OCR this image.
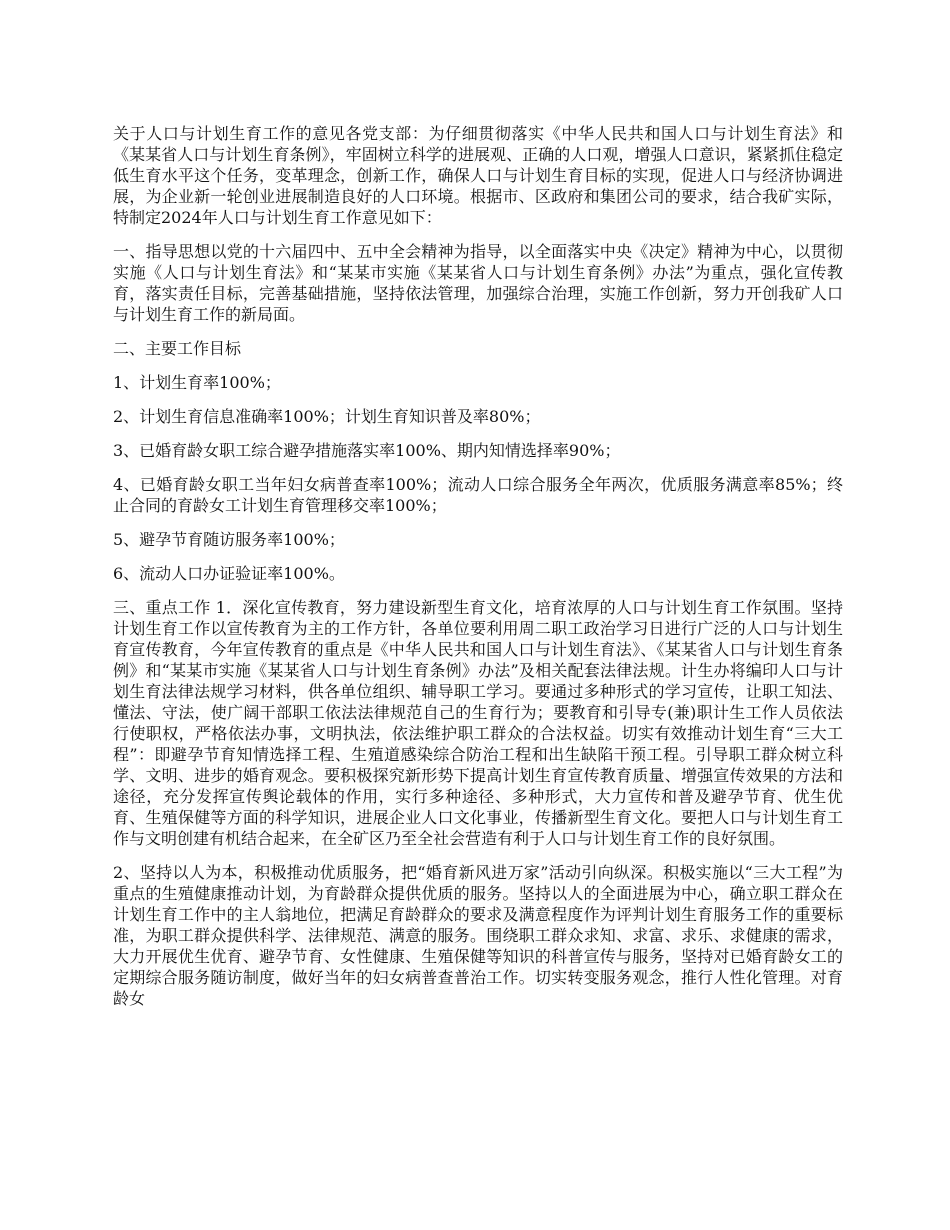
关于人口与计划生育工作的意见各党支部：为仔细贯彻落实《中华人民共和国人口与计划生育法》和《某某省人口与计划生育条例》，牢固树立科学的进展观、正确的人口观，增强人口意识，紧紧抓住稳定低生育水平这个任务，变革理念，创新工作，确保人口与计划生育目标的实现，促进人口与经济协调进展，为企业新一轮创业进展制造良好的人口环境。根据市、区政府和集团公司的要求，结合我矿实际，特制定2024年人口与计划生育工作意见如下：

一、指导思想以党的十六届四中、五中全会精神为指导，以全面落实中央《决定》精神为中心，以贯彻实施《人口与计划生育法》和“某某市实施《某某省人口与计划生育条例》办法”为重点，强化宣传教育，落实责任目标，完善基础措施，坚持依法管理，加强综合治理，实施工作创新，努力开创我矿人口与计划生育工作的新局面。

二、主要工作目标

1、计划生育率100%；

2、计划生育信息准确率100%；计划生育知识普及率80%；

3、已婚育龄女职工综合避孕措施落实率100%、期内知情选择率90%；

4、已婚育龄女职工当年妇女病普查率100%；流动人口综合服务全年两次，优质服务满意率85%；终止合同的育龄女工计划生育管理移交率100%；

5、避孕节育随访服务率100%；

6、流动人口办证验证率100%。

三、重点工作 1．深化宣传教育，努力建设新型生育文化，培育浓厚的人口与计划生育工作氛围。坚持计划生育工作以宣传教育为主的工作方针，各单位要利用周二职工政治学习日进行广泛的人口与计划生育宣传教育，今年宣传教育的重点是《中华人民共和国人口与计划生育法》、《某某省人口与计划生育条例》和“某某市实施《某某省人口与计划生育条例》办法”及相关配套法律法规。计生办将编印人口与计划生育法律法规学习材料，供各单位组织、辅导职工学习。要通过多种形式的学习宣传，让职工知法、懂法、守法，使广阔干部职工依法法律规范自己的生育行为；要教育和引导专(兼)职计生工作人员依法行使职权，严格依法办事，文明执法，依法维护职工群众的合法权益。切实有效推动计划生育“三大工程”：即避孕节育知情选择工程、生殖道感染综合防治工程和出生缺陷干预工程。引导职工群众树立科学、文明、进步的婚育观念。要积极探究新形势下提高计划生育宣传教育质量、增强宣传效果的方法和途径，充分发挥宣传舆论载体的作用，实行多种途径、多种形式，大力宣传和普及避孕节育、优生优育、生殖保健等方面的科学知识，进展企业人口文化事业，传播新型生育文化。要把人口与计划生育工作与文明创建有机结合起来，在全矿区乃至全社会营造有利于人口与计划生育工作的良好氛围。

2、坚持以人为本，积极推动优质服务，把“婚育新风进万家”活动引向纵深。积极实施以“三大工程”为重点的生殖健康推动计划，为育龄群众提供优质的服务。坚持以人的全面进展为中心，确立职工群众在计划生育工作中的主人翁地位，把满足育龄群众的要求及满意程度作为评判计划生育服务工作的重要标准，为职工群众提供科学、法律规范、满意的服务。围绕职工群众求知、求富、求乐、求健康的需求，大力开展优生优育、避孕节育、女性健康、生殖保健等知识的科普宣传与服务，坚持对已婚育龄女工的定期综合服务随访制度，做好当年的妇女病普查普治工作。切实转变服务观念，推行人性化管理。对育龄女
